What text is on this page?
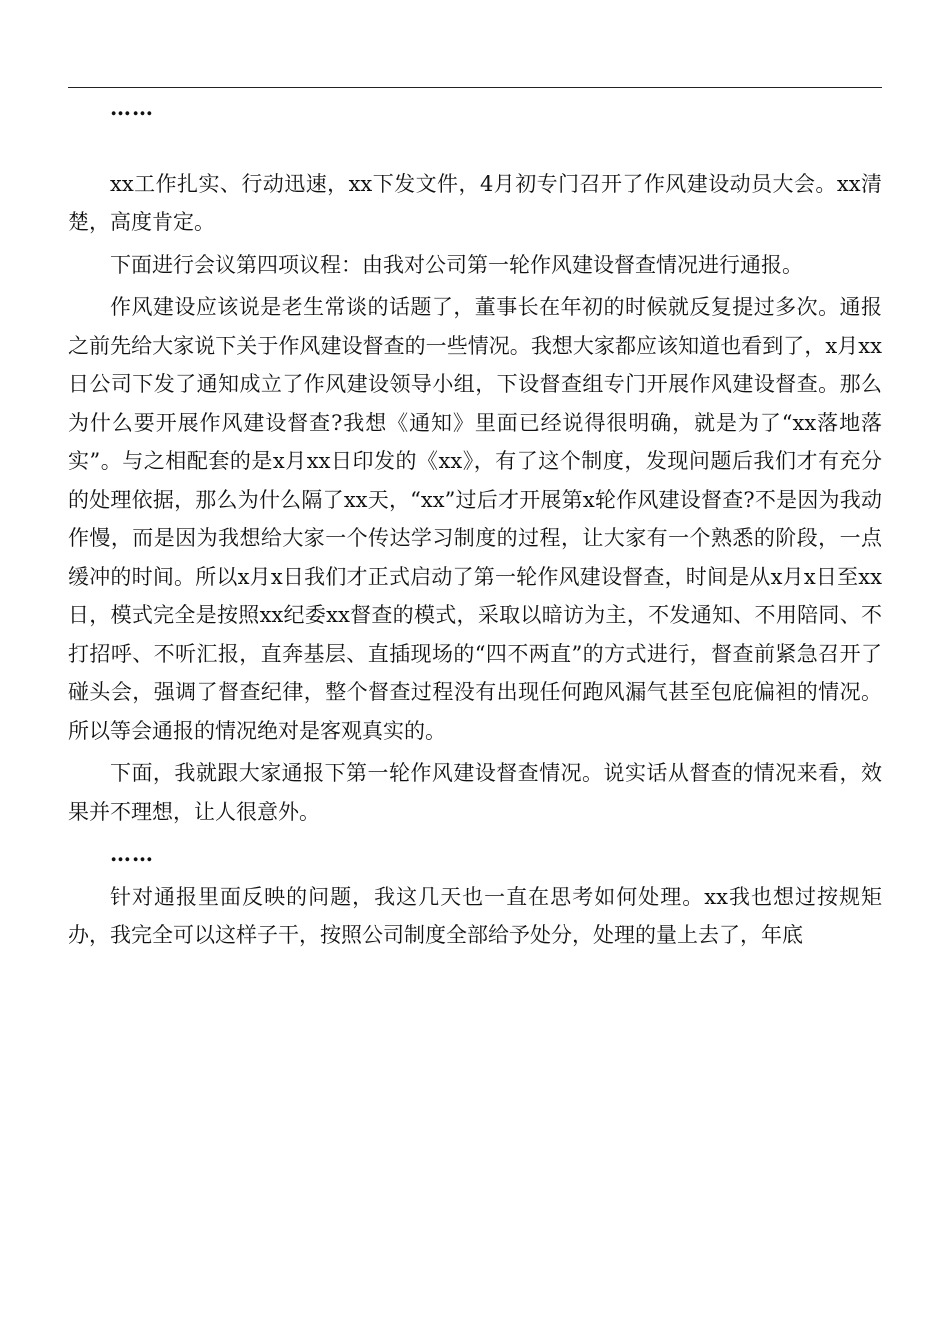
……

xx工作扎实、行动迅速，xx下发文件，4月初专门召开了作风建设动员大会。xx清楚，高度肯定。

下面进行会议第四项议程：由我对公司第一轮作风建设督查情况进行通报。

作风建设应该说是老生常谈的话题了，董事长在年初的时候就反复提过多次。通报之前先给大家说下关于作风建设督查的一些情况。我想大家都应该知道也看到了，x月xx日公司下发了通知成立了作风建设领导小组，下设督查组专门开展作风建设督查。那么为什么要开展作风建设督查?我想《通知》里面已经说得很明确，就是为了“xx落地落实”。与之相配套的是x月xx日印发的《xx》，有了这个制度，发现问题后我们才有充分的处理依据，那么为什么隔了xx天，“xx”过后才开展第x轮作风建设督查?不是因为我动作慢，而是因为我想给大家一个传达学习制度的过程，让大家有一个熟悉的阶段，一点缓冲的时间。所以x月x日我们才正式启动了第一轮作风建设督查，时间是从x月x日至xx日，模式完全是按照xx纪委xx督查的模式，采取以暗访为主，不发通知、不用陪同、不打招呼、不听汇报，直奔基层、直插现场的“四不两直”的方式进行，督查前紧急召开了碰头会，强调了督查纪律，整个督查过程没有出现任何跑风漏气甚至包庇偏袒的情况。所以等会通报的情况绝对是客观真实的。

下面，我就跟大家通报下第一轮作风建设督查情况。说实话从督查的情况来看，效果并不理想，让人很意外。

……

针对通报里面反映的问题，我这几天也一直在思考如何处理。xx我也想过按规矩办，我完全可以这样子干，按照公司制度全部给予处分，处理的量上去了，年底
